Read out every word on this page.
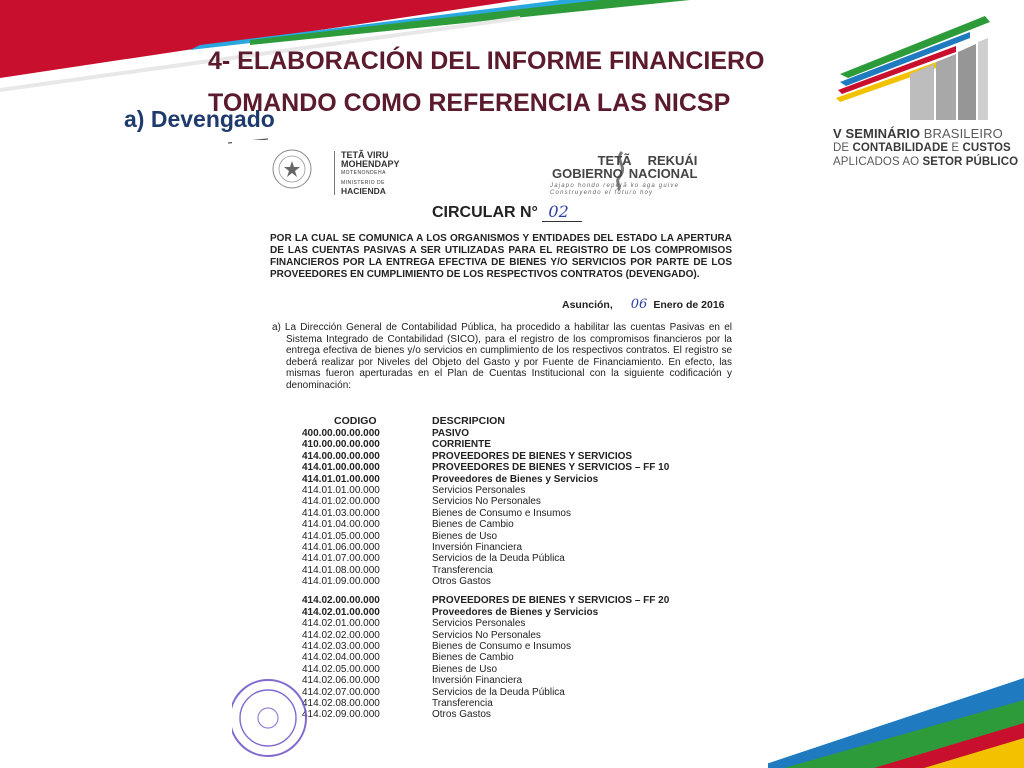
V SEMINÁRIO BRASILEIRO
DE CONTABILIDADE E CUSTOS
APLICADOS AO SETOR PÚBLICO
4- ELABORACIÓN DEL INFORME FINANCIERO
TOMANDO COMO REFERENCIA LAS NICSP
a) Devengado
TETÃ VIRU
MOHENDAPY
MOTENONDEHA
MINISTERIO DE
HACIENDA
TETÃ REKUÁI
GOBIERNO NACIONAL
Jajapo hondo reperã ko ága guive
Construyendo el futuro hoy
CIRCULAR N° 02
POR LA CUAL SE COMUNICA A LOS ORGANISMOS Y ENTIDADES DEL ESTADO LA APERTURA DE LAS CUENTAS PASIVAS A SER UTILIZADAS PARA EL REGISTRO DE LOS COMPROMISOS FINANCIEROS POR LA ENTREGA EFECTIVA DE BIENES Y/O SERVICIOS POR PARTE DE LOS PROVEEDORES EN CUMPLIMIENTO DE LOS RESPECTIVOS CONTRATOS (DEVENGADO).
Asunción, 06 Enero de 2016
a) La Dirección General de Contabilidad Pública, ha procedido a habilitar las cuentas Pasivas en el Sistema Integrado de Contabilidad (SICO), para el registro de los compromisos financieros por la entrega efectiva de bienes y/o servicios en cumplimiento de los respectivos contratos. El registro se deberá realizar por Niveles del Objeto del Gasto y por Fuente de Financiamiento. En efecto, las mismas fueron aperturadas en el Plan de Cuentas Institucional con la siguiente codificación y denominación:
CODIGO	DESCRIPCION
400.00.00.00.000	PASIVO
410.00.00.00.000	CORRIENTE
414.00.00.00.000	PROVEEDORES DE BIENES Y SERVICIOS
414.01.00.00.000	PROVEEDORES DE BIENES Y SERVICIOS – FF 10
414.01.01.00.000	Proveedores de Bienes y Servicios
414.01.01.00.000	Servicios Personales
414.01.02.00.000	Servicios No Personales
414.01.03.00.000	Bienes de Consumo e Insumos
414.01.04.00.000	Bienes de Cambio
414.01.05.00.000	Bienes de Uso
414.01.06.00.000	Inversión Financiera
414.01.07.00.000	Servicios de la Deuda Pública
414.01.08.00.000	Transferencia
414.01.09.00.000	Otros Gastos
414.02.00.00.000	PROVEEDORES DE BIENES Y SERVICIOS – FF 20
414.02.01.00.000	Proveedores de Bienes y Servicios
414.02.01.00.000	Servicios Personales
414.02.02.00.000	Servicios No Personales
414.02.03.00.000	Bienes de Consumo e Insumos
414.02.04.00.000	Bienes de Cambio
414.02.05.00.000	Bienes de Uso
414.02.06.00.000	Inversión Financiera
414.02.07.00.000	Servicios de la Deuda Pública
414.02.08.00.000	Transferencia
414.02.09.00.000	Otros Gastos
